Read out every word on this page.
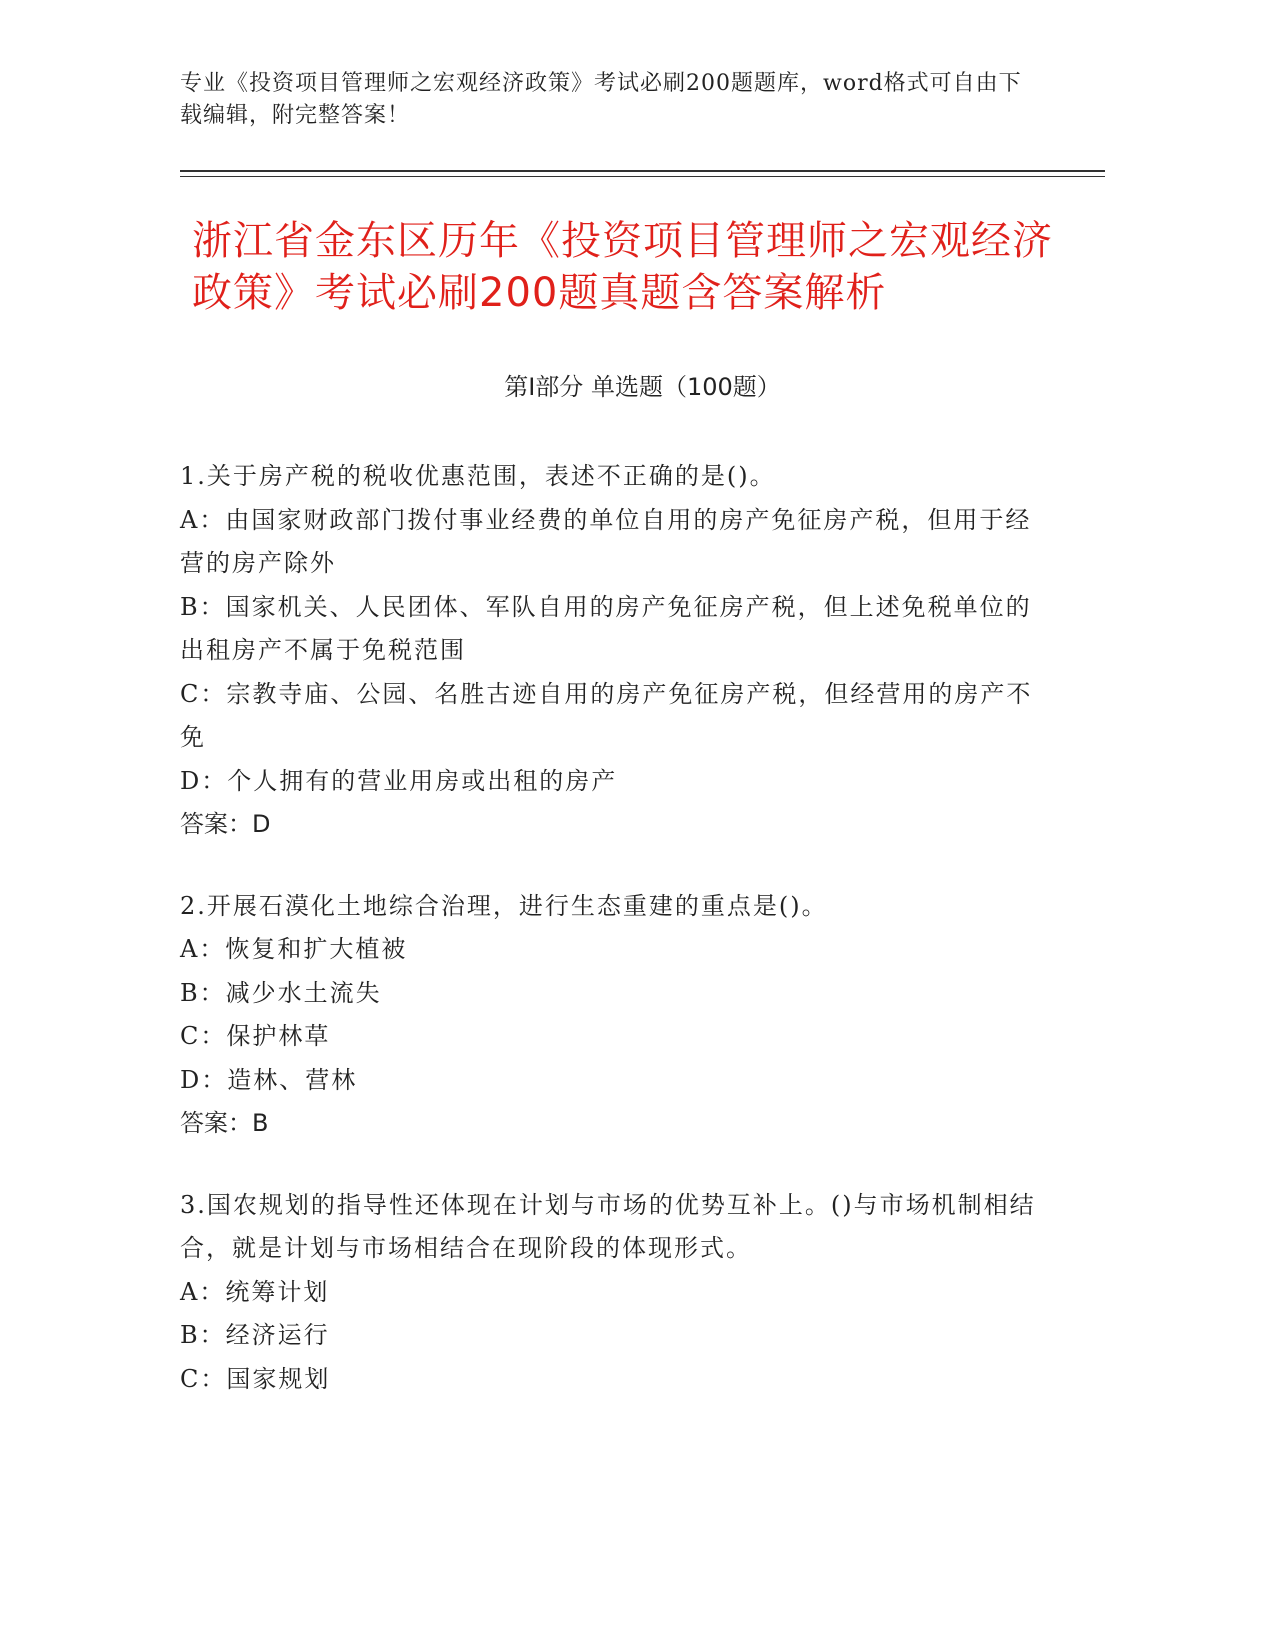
专业《投资项目管理师之宏观经济政策》考试必刷200题题库，word格式可自由下载编辑，附完整答案！
浙江省金东区历年《投资项目管理师之宏观经济政策》考试必刷200题真题含答案解析
第Ⅰ部分 单选题（100题）
1.关于房产税的税收优惠范围，表述不正确的是()。
A：由国家财政部门拨付事业经费的单位自用的房产免征房产税，但用于经营的房产除外
B：国家机关、人民团体、军队自用的房产免征房产税，但上述免税单位的出租房产不属于免税范围
C：宗教寺庙、公园、名胜古迹自用的房产免征房产税，但经营用的房产不免
D：个人拥有的营业用房或出租的房产
答案：D
2.开展石漠化土地综合治理，进行生态重建的重点是()。
A：恢复和扩大植被
B：减少水土流失
C：保护林草
D：造林、营林
答案：B
3.国农规划的指导性还体现在计划与市场的优势互补上。()与市场机制相结合，就是计划与市场相结合在现阶段的体现形式。
A：统筹计划
B：经济运行
C：国家规划
